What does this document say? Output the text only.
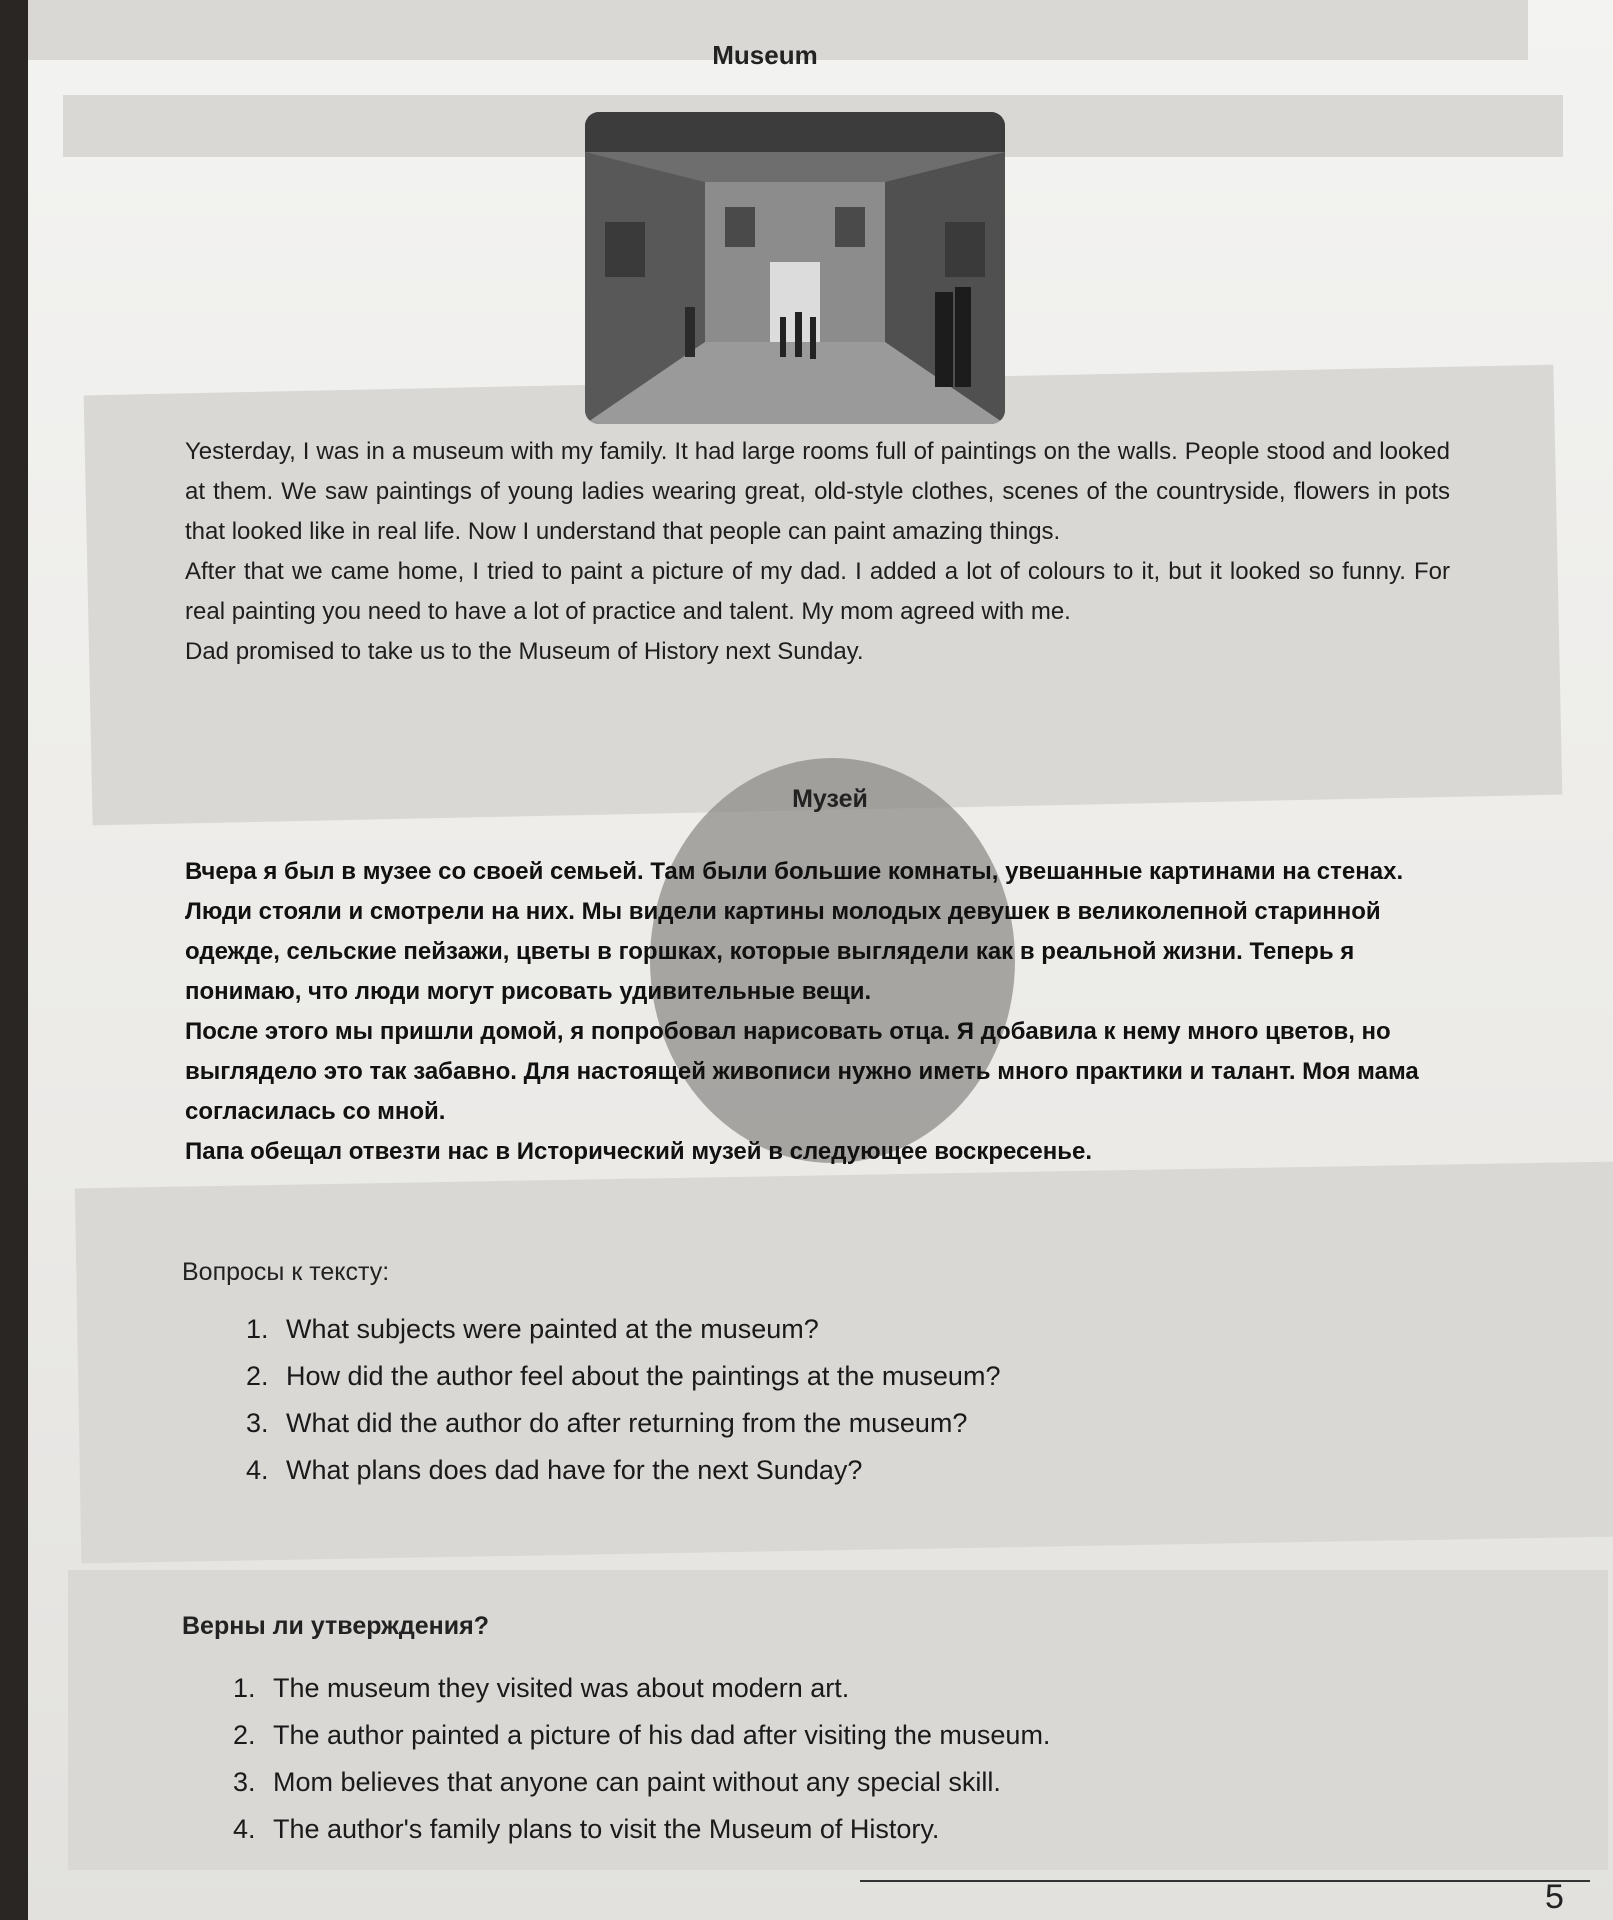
Museum

Yesterday, I was in a museum with my family. It had large rooms full of paintings on the walls. People stood and looked at them. We saw paintings of young ladies wearing great, old-style clothes, scenes of the countryside, flowers in pots that looked like in real life. Now I understand that people can paint amazing things.

After that we came home, I tried to paint a picture of my dad. I added a lot of colours to it, but it looked so funny. For real painting you need to have a lot of practice and talent. My mom agreed with me.

Dad promised to take us to the Museum of History next Sunday.

Музей

Вчера я был в музее со своей семьей. Там были большие комнаты, увешанные картинами на стенах. Люди стояли и смотрели на них. Мы видели картины молодых девушек в великолепной старинной одежде, сельские пейзажи, цветы в горшках, которые выглядели как в реальной жизни. Теперь я понимаю, что люди могут рисовать удивительные вещи.

После этого мы пришли домой, я попробовал нарисовать отца. Я добавила к нему много цветов, но выглядело это так забавно. Для настоящей живописи нужно иметь много практики и талант. Моя мама согласилась со мной.

Папа обещал отвезти нас в Исторический музей в следующее воскресенье.

Вопросы к тексту:
1. What subjects were painted at the museum?
2. How did the author feel about the paintings at the museum?
3. What did the author do after returning from the museum?
4. What plans does dad have for the next Sunday?
Верны ли утверждения?
1. The museum they visited was about modern art.
2. The author painted a picture of his dad after visiting the museum.
3. Mom believes that anyone can paint without any special skill.
4. The author's family plans to visit the Museum of History.
5
